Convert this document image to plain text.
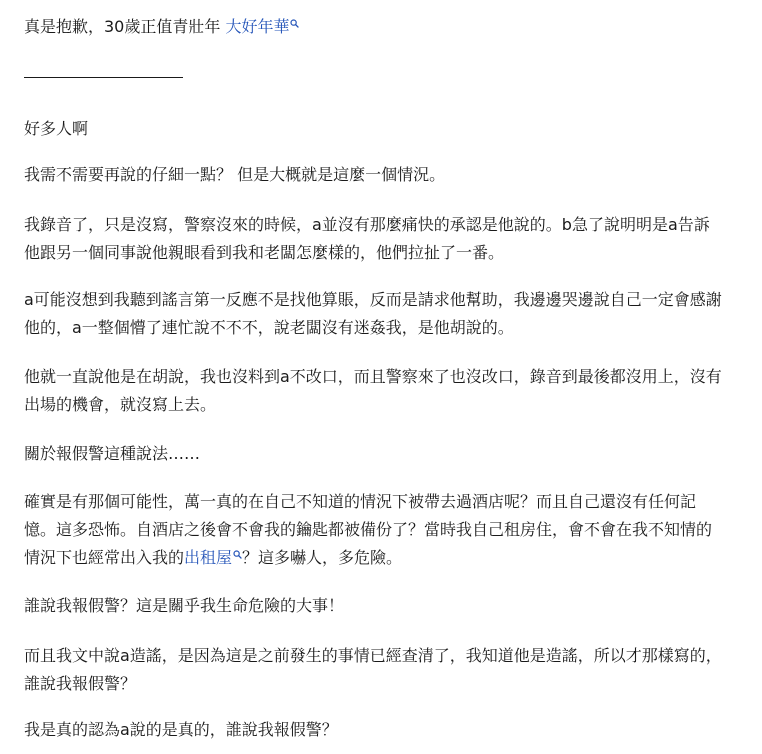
真是抱歉，30歲正值青壯年 大好年華

好多人啊

我需不需要再說的仔細一點？ 但是大概就是這麼一個情況。

我錄音了，只是沒寫，警察沒來的時候，a並沒有那麼痛快的承認是他說的。b急了說明明是a告訴

他跟另一個同事說他親眼看到我和老闆怎麼樣的，他們拉扯了一番。

a可能沒想到我聽到謠言第一反應不是找他算賬，反而是請求他幫助，我邊邊哭邊說自己一定會感謝

他的，a一整個懵了連忙說不不不，說老闆沒有迷姦我，是他胡說的。

他就一直說他是在胡說，我也沒料到a不改口，而且警察來了也沒改口，錄音到最後都沒用上，沒有

出場的機會，就沒寫上去。

關於報假警這種說法……

確實是有那個可能性，萬一真的在自己不知道的情況下被帶去過酒店呢？而且自己還沒有任何記

憶。這多恐怖。自酒店之後會不會我的鑰匙都被備份了？當時我自己租房住，會不會在我不知情的

情況下也經常出入我的出租屋 ？這多嚇人，多危險。

誰說我報假警？這是關乎我生命危險的大事！

而且我文中說a造謠，是因為這是之前發生的事情已經查清了，我知道他是造謠，所以才那樣寫的，

誰說我報假警？

我是真的認為a說的是真的，誰說我報假警？
